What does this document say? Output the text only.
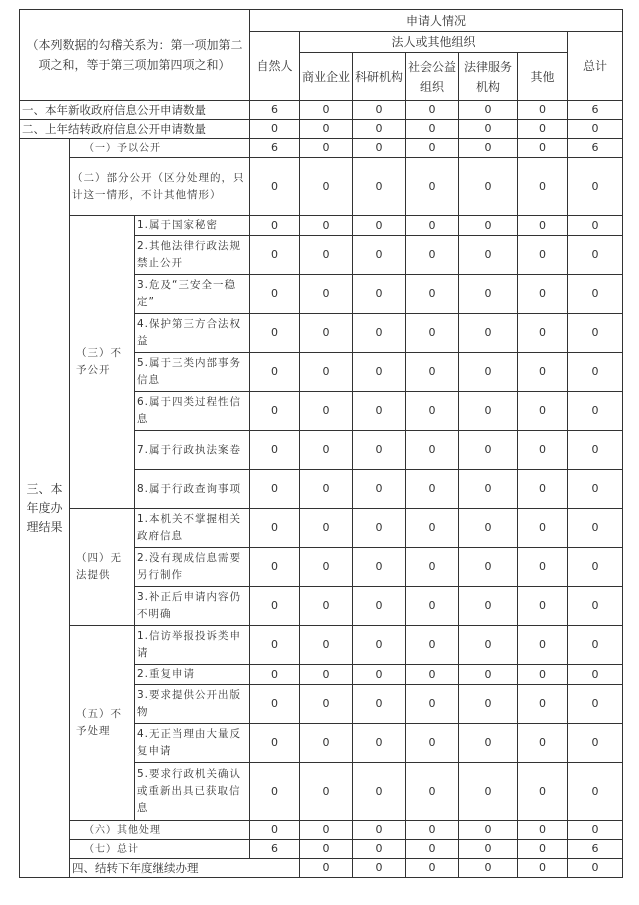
（本列数据的勾稽关系为：第一项加第二项之和，等于第三项加第四项之和）			申请人情况							
			自然人	法人或其他组织					总计	
				商业企业	科研机构	社会公益组织	法律服务机构	其他		
一、本年新收政府信息公开申请数量			6	0	0	0	0	0	6	
二、上年结转政府信息公开申请数量			0	0	0	0	0	0	0	
三、本年度办理结果	（一）予以公开		6	0	0	0	0	0	6	
	（二）部分公开（区分处理的，只计这一情形，不计其他情形）		0	0	0	0	0	0	0	
	（三）不予公开	1.属于国家秘密	0	0	0	0	0	0	0	
		2.其他法律行政法规禁止公开	0	0	0	0	0	0	0	
		3.危及“三安全一稳定”	0	0	0	0	0	0	0	
		4.保护第三方合法权益	0	0	0	0	0	0	0	
		5.属于三类内部事务信息	0	0	0	0	0	0	0	
		6.属于四类过程性信息	0	0	0	0	0	0	0	
		7.属于行政执法案卷	0	0	0	0	0	0	0	
		8.属于行政查询事项	0	0	0	0	0	0	0	
	（四）无法提供	1.本机关不掌握相关政府信息	0	0	0	0	0	0	0	
		2.没有现成信息需要另行制作	0	0	0	0	0	0	0	
		3.补正后申请内容仍不明确	0	0	0	0	0	0	0	
	（五）不予处理	1.信访举报投诉类申请	0	0	0	0	0	0	0	
		2.重复申请	0	0	0	0	0	0	0	
		3.要求提供公开出版物	0	0	0	0	0	0	0	
		4.无正当理由大量反复申请	0	0	0	0	0	0	0	
		5.要求行政机关确认或重新出具已获取信息	0	0	0	0	0	0	0	
	（六）其他处理		0	0	0	0	0	0	0	
	（七）总计		6	0	0	0	0	0	6	
	四、结转下年度继续办理			0	0	0	0	0	0	
